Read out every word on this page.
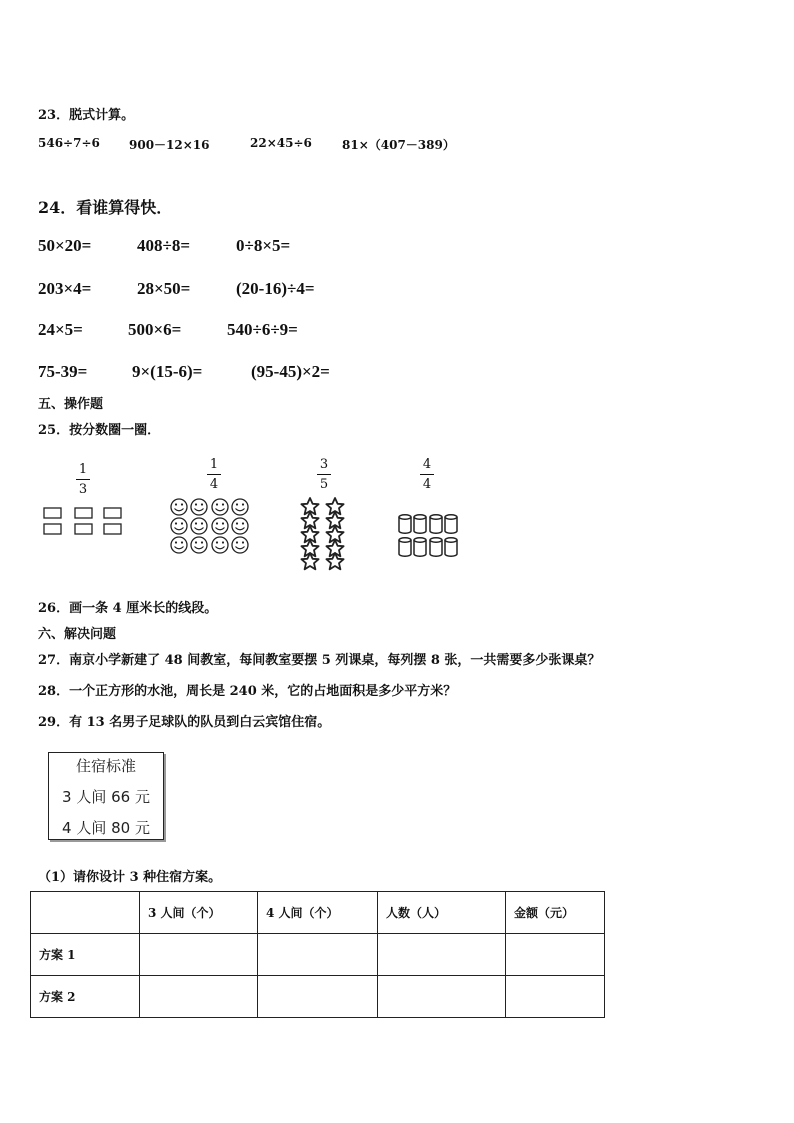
23．脱式计算。
546÷7÷6 900－12×16	22×45÷6	81×（407－389）
24．看谁算得快．
50×20=	408÷8=	0÷8×5=
203×4=	28×50=	(20-16)÷4=
24×5=	500×6=	540÷6÷9=
75-39=	9×(15-6)=	(95-45)×2=
五、操作题
25．按分数圈一圈．
1
3
1
4
3
5
4
4
26．画一条 4 厘米长的线段。
六、解决问题
27．南京小学新建了 48 间教室，每间教室要摆 5 列课桌，每列摆 8 张，一共需要多少张课桌？
28．一个正方形的水池，周长是 240 米，它的占地面积是多少平方米？
29．有 13 名男子足球队的队员到白云宾馆住宿。
住宿标准
3 人间 66 元
4 人间 80 元
（1）请你设计 3 种住宿方案。
	3 人间（个）	4 人间（个）	人数（人）	金额（元）
方案 1				
方案 2				
